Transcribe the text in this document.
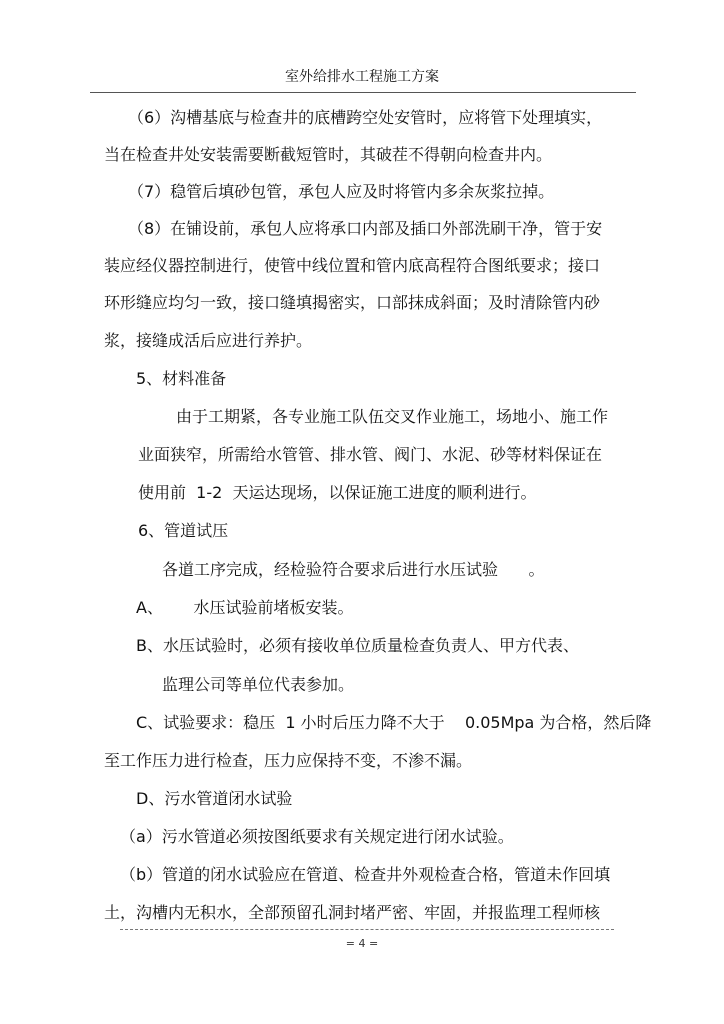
室外给排水工程施工方案
（6）沟槽基底与检查井的底槽跨空处安管时，应将管下处理填实，
当在检查井处安装需要断截短管时，其破茬不得朝向检查井内。
（7）稳管后填砂包管，承包人应及时将管内多余灰浆拉掉。
（8）在铺设前，承包人应将承口内部及插口外部洗刷干净，管于安
装应经仪器控制进行，使管中线位置和管内底高程符合图纸要求；接口
环形缝应均匀一致，接口缝填揭密实，口部抹成斜面；及时清除管内砂
浆，接缝成活后应进行养护。
5、材料准备
由于工期紧，各专业施工队伍交叉作业施工，场地小、施工作
业面狭窄，所需给水管管、排水管、阀门、水泥、砂等材料保证在
使用前  1-2  天运达现场，以保证施工进度的顺利进行。
6、管道试压
各道工序完成，经检验符合要求后进行水压试验      。
A、      水压试验前堵板安装。
B、水压试验时，必须有接收单位质量检查负责人、甲方代表、
监理公司等单位代表参加。
C、试验要求：稳压  1 小时后压力降不大于    0.05Mpa 为合格，然后降
至工作压力进行检查，压力应保持不变，不渗不漏。
D、污水管道闭水试验
（a）污水管道必须按图纸要求有关规定进行闭水试验。
（b）管道的闭水试验应在管道、检查井外观检查合格，管道未作回填
土，沟槽内无积水，全部预留孔洞封堵严密、牢固，并报监理工程师核
= 4 =
